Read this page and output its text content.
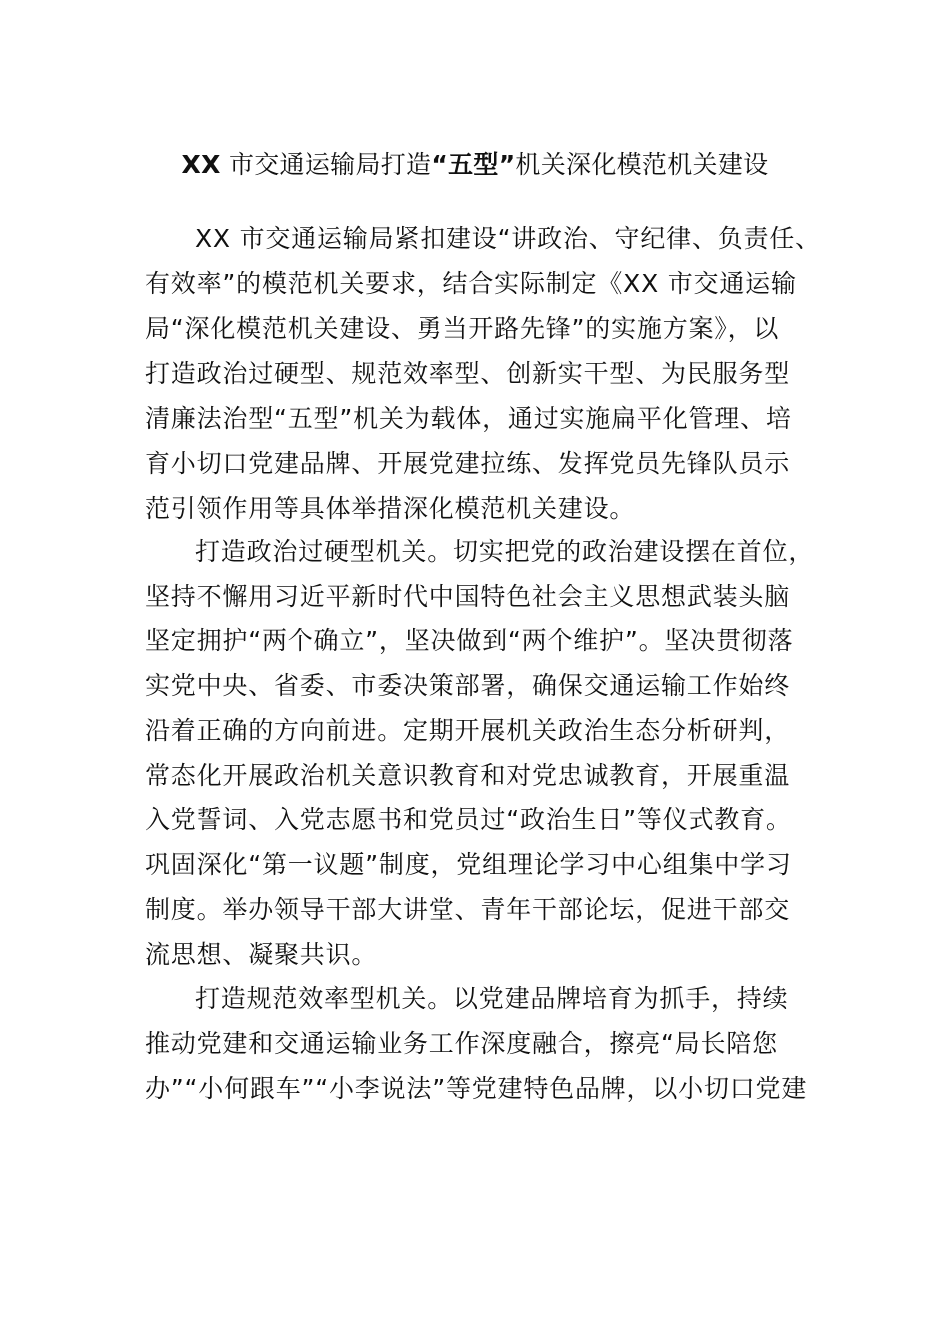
XX 市交通运输局打造“五型”机关深化模范机关建设
XX 市交通运输局紧扣建设“讲政治、守纪律、负责任、
有效率”的模范机关要求，结合实际制定《XX 市交通运输
局“深化模范机关建设、勇当开路先锋”的实施方案》，以
打造政治过硬型、规范效率型、创新实干型、为民服务型
清廉法治型“五型”机关为载体，通过实施扁平化管理、培
育小切口党建品牌、开展党建拉练、发挥党员先锋队员示
范引领作用等具体举措深化模范机关建设。
打造政治过硬型机关。切实把党的政治建设摆在首位，
坚持不懈用习近平新时代中国特色社会主义思想武装头脑
坚定拥护“两个确立”，坚决做到“两个维护”。坚决贯彻落
实党中央、省委、市委决策部署，确保交通运输工作始终
沿着正确的方向前进。定期开展机关政治生态分析研判，
常态化开展政治机关意识教育和对党忠诚教育，开展重温
入党誓词、入党志愿书和党员过“政治生日”等仪式教育。
巩固深化“第一议题”制度，党组理论学习中心组集中学习
制度。举办领导干部大讲堂、青年干部论坛，促进干部交
流思想、凝聚共识。
打造规范效率型机关。以党建品牌培育为抓手，持续
推动党建和交通运输业务工作深度融合，擦亮“局长陪您
办”“小何跟车”“小李说法”等党建特色品牌，以小切口党建
